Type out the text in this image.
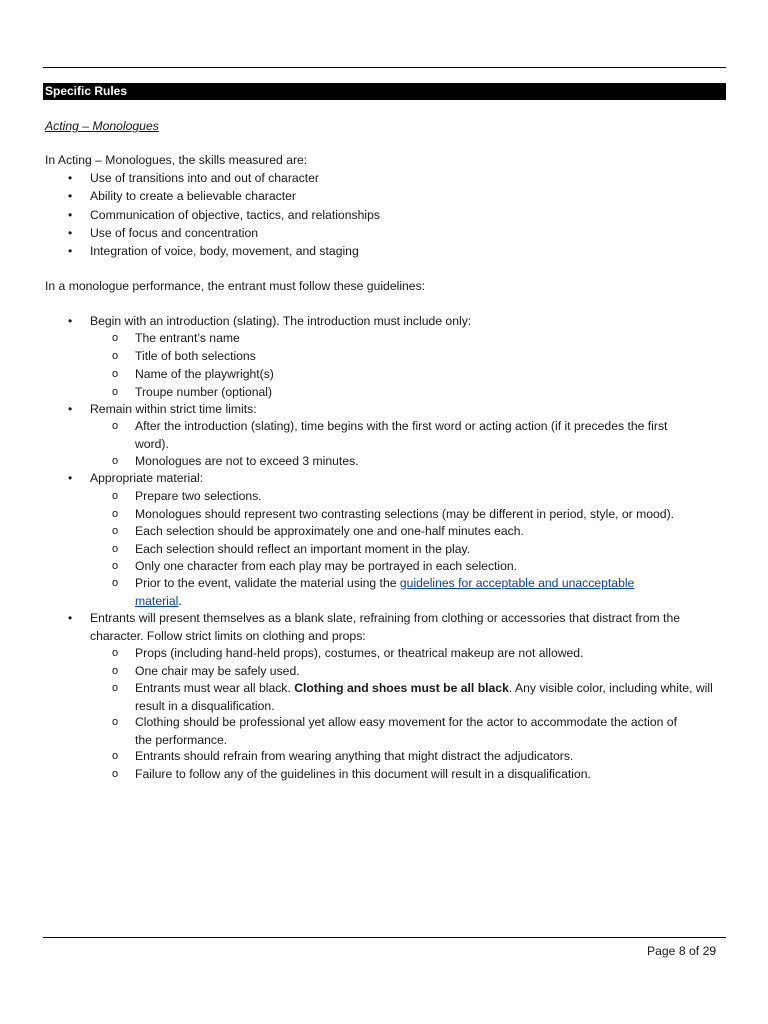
Specific Rules
Acting – Monologues
In Acting – Monologues, the skills measured are:
• Use of transitions into and out of character
• Ability to create a believable character
• Communication of objective, tactics, and relationships
• Use of focus and concentration
• Integration of voice, body, movement, and staging
In a monologue performance, the entrant must follow these guidelines:
• Begin with an introduction (slating). The introduction must include only:
o The entrant’s name
o Title of both selections
o Name of the playwright(s)
o Troupe number (optional)
• Remain within strict time limits:
o After the introduction (slating), time begins with the first word or acting action (if it precedes the first
word).
o Monologues are not to exceed 3 minutes.
• Appropriate material:
o Prepare two selections.
o Monologues should represent two contrasting selections (may be different in period, style, or mood).
o Each selection should be approximately one and one-half minutes each.
o Each selection should reflect an important moment in the play.
o Only one character from each play may be portrayed in each selection.
o Prior to the event, validate the material using the guidelines for acceptable and unacceptable
material.
• Entrants will present themselves as a blank slate, refraining from clothing or accessories that distract from the
character. Follow strict limits on clothing and props:
o Props (including hand-held props), costumes, or theatrical makeup are not allowed.
o One chair may be safely used.
o Entrants must wear all black. Clothing and shoes must be all black. Any visible color, including white, will
result in a disqualification.
o Clothing should be professional yet allow easy movement for the actor to accommodate the action of
the performance.
o Entrants should refrain from wearing anything that might distract the adjudicators.
o Failure to follow any of the guidelines in this document will result in a disqualification.
Page 8 of 29
